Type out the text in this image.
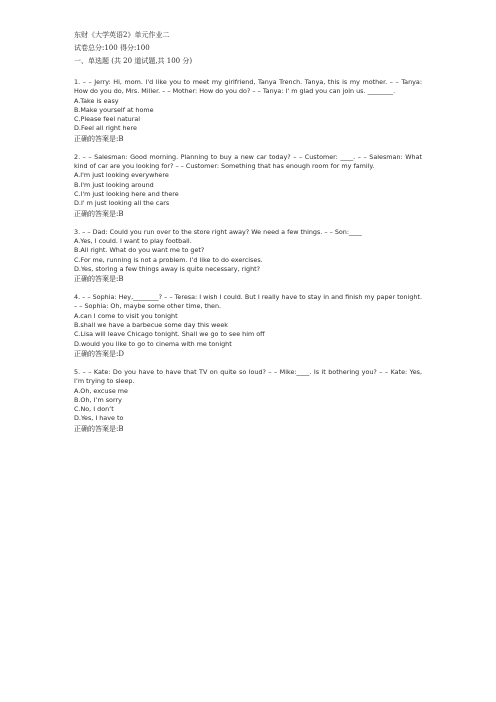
东财《大学英语2》单元作业二
试卷总分:100 得分:100
一、单选题 (共 20 道试题,共 100 分)
1. – – Jerry: Hi, mom. I'd like you to meet my girlfriend, Tanya Trench. Tanya, this is my mother. – – Tanya: How do you do, Mrs. Miller. – – Mother: How do you do? – – Tanya: I' m glad you can join us. ________.
A.Take is easy
B.Make yourself at home
C.Please feel natural
D.Feel all right here
正确的答案是:B
2. – – Salesman: Good morning. Planning to buy a new car today? – – Customer: ____. – – Salesman: What kind of car are you looking for? – – Customer: Something that has enough room for my family.
A.I'm just looking everywhere
B.I'm just looking around
C.I'm just looking here and there
D.I' m just looking all the cars
正确的答案是:B
3. – – Dad: Could you run over to the store right away? We need a few things. – – Son:____
A.Yes, I could. I want to play football.
B.All right. What do you want me to get?
C.For me, running is not a problem. I’d like to do exercises.
D.Yes, storing a few things away is quite necessary, right?
正确的答案是:B
4. – – Sophia: Hey,________? – – Teresa: I wish I could. But I really have to stay in and finish my paper tonight. – – Sophia: Oh, maybe some other time, then.
A.can I come to visit you tonight
B.shall we have a barbecue some day this week
C.Lisa will leave Chicago tonight. Shall we go to see him off
D.would you like to go to cinema with me tonight
正确的答案是:D
5. – – Kate: Do you have to have that TV on quite so loud? – – Mike:____. Is it bothering you? – – Kate: Yes, I’m trying to sleep.
A.Oh, excuse me
B.Oh, I’m sorry
C.No, I don’t
D.Yes, I have to
正确的答案是:B
